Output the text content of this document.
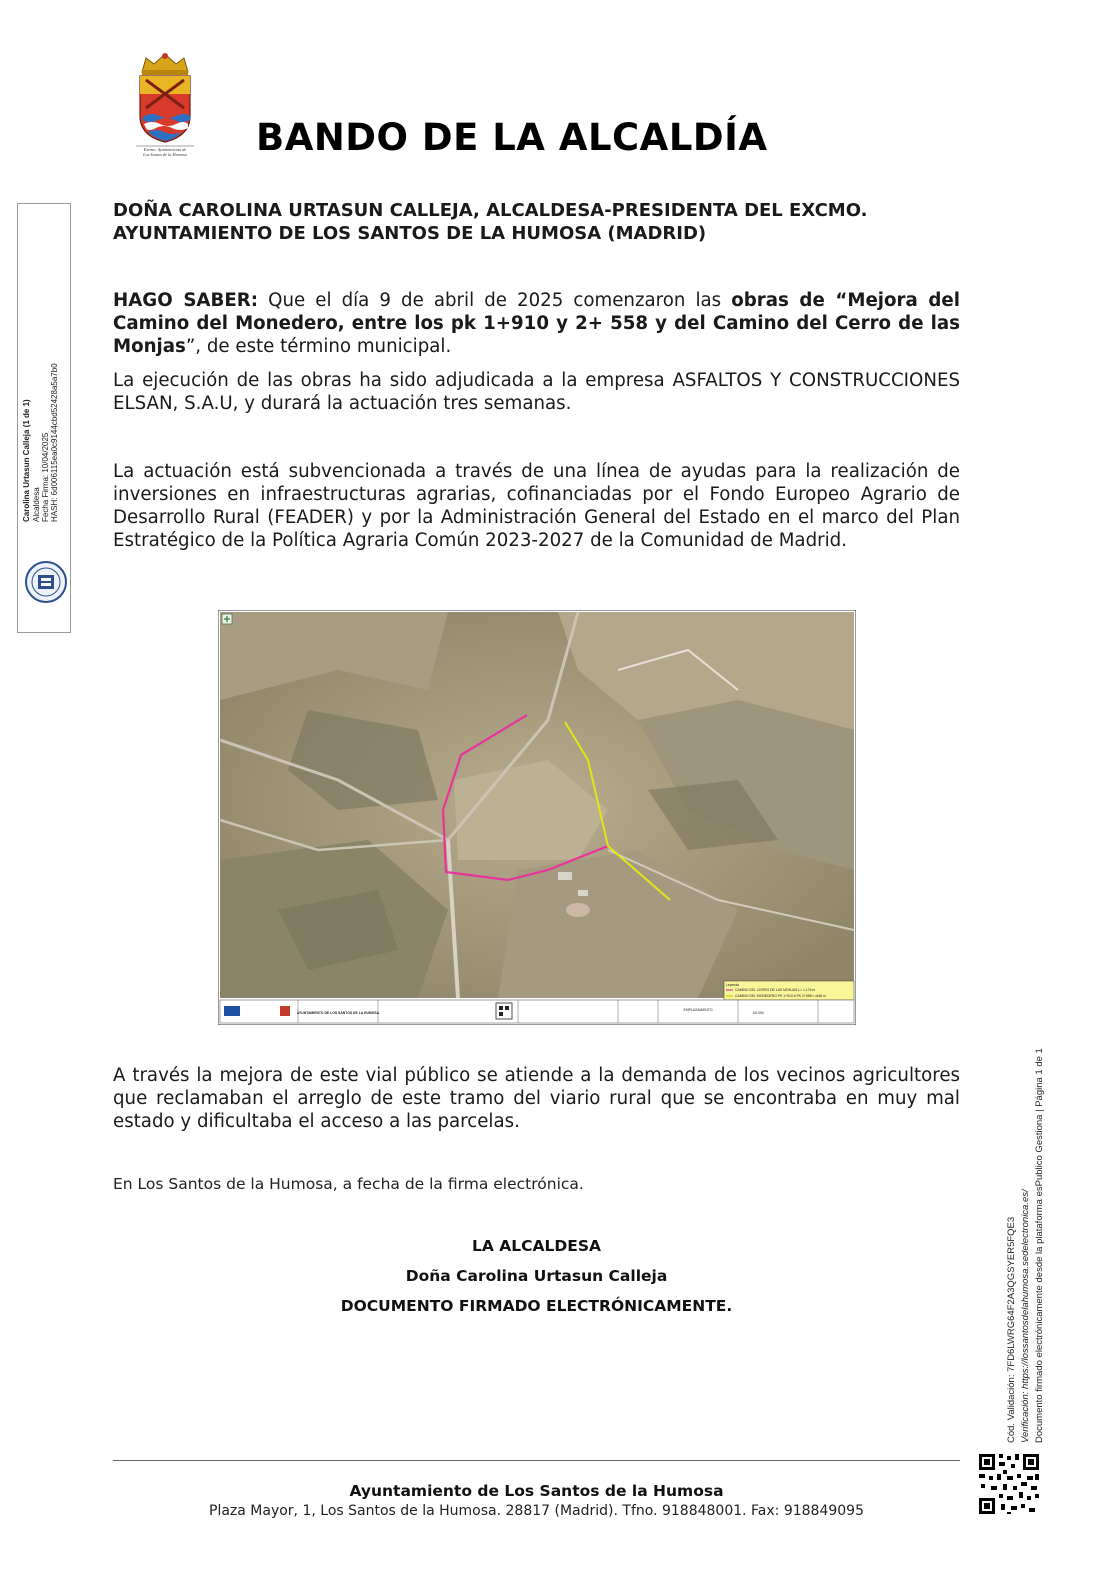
Excmo. Ayuntamiento de
Los Santos de la Humosa BANDO DE LA ALCALDÍA
Carolina Urtasun Calleja (1 de 1) Alcaldesa Fecha Firma: 10/04/2025 HASH: 6d006115ea0c9144cbd52428a5a7b0
DOÑA CAROLINA URTASUN CALLEJA, ALCALDESA-PRESIDENTA DEL EXCMO.
AYUNTAMIENTO DE LOS SANTOS DE LA HUMOSA (MADRID)
HAGO SABER: Que el día 9 de abril de 2025 comenzaron las obras de “Mejora del Camino del Monedero, entre los pk 1+910 y 2+ 558 y del Camino del Cerro de las Monjas”, de este término municipal.
La ejecución de las obras ha sido adjudicada a la empresa ASFALTOS Y CONSTRUCCIONES ELSAN, S.A.U, y durará la actuación tres semanas.
La actuación está subvencionada a través de una línea de ayudas para la realización de inversiones en infraestructuras agrarias, cofinanciadas por el Fondo Europeo Agrario de Desarrollo Rural (FEADER) y por la Administración General del Estado en el marco del Plan Estratégico de la Política Agraria Común 2023-2027 de la Comunidad de Madrid.
Leyenda
CAMINO DEL CERRO DE LAS MONJAS L= 1.176 m
CAMINO DEL MONEDERO PK 1+910 A PK 2+558 L=648 m
AYUNTAMIENTO DE LOS SANTOS DE LA HUMOSA	1/5.000
EMPLAZAMIENTO
A través la mejora de este vial público se atiende a la demanda de los vecinos agricultores que reclamaban el arreglo de este tramo del viario rural que se encontraba en muy mal estado y dificultaba el acceso a las parcelas.
En Los Santos de la Humosa, a fecha de la firma electrónica.
LA ALCALDESA
Doña Carolina Urtasun Calleja
DOCUMENTO FIRMADO ELECTRÓNICAMENTE.	Cód. Validación: 7FD6LWRG64F2A3QGSYER5FQE3 Verificación: https://lossantosdelahumosa.sedelectronica.es/ Documento firmado electrónicamente desde la plataforma esPublico Gestiona | Página 1 de 1
Ayuntamiento de Los Santos de la Humosa
Plaza Mayor, 1, Los Santos de la Humosa. 28817 (Madrid). Tfno. 918848001. Fax: 918849095
